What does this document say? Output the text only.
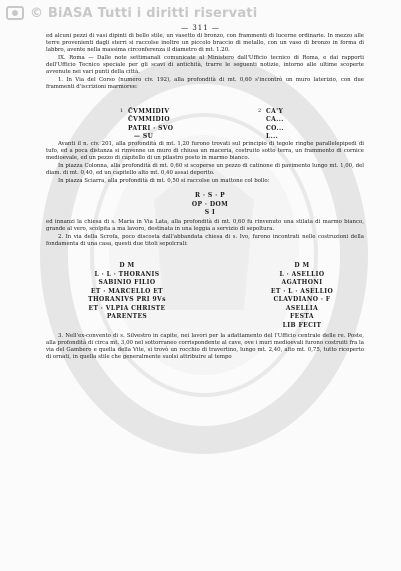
© BiASA Tutti i diritti riservati
— 311 —

ed alcuni pezzi di vasi dipinti di bello stile, un vasetto di bronzo, con frammenti di lucerne ordinarie. In mezzo alle terre provenienti dagli sterri si raccolse inoltre un piccolo braccio di metallo, con un vaso di bronzo in forma di labbro, avente nella massima circonferenza il diametro di mt. 1.20.

IX. Roma — Dalle note settimanali comunicate al Ministero dall'Ufficio tecnico di Roma, e dai rapporti dell'Ufficio Tecnico speciale per gli scavi di antichità, trarre le seguenti notizie, intorno alle ultime scoperte avvenute nei vari punti della città.

1. In Via del Corso (numero civ. 192), alla profondità di mt. 0,60 s'incontrò un muro laterizio, con due frammenti d'iscrizioni marmoree:

1 C̄VMMIDIV
C̄VMMIDIO
PATRI · SVO
— SU
2 CA'Y
CA...
CO...
L...

Avanti il n. civ. 201, alla profondità di mt. 1,20 furono trovati sul principio di tegole ringhe parallelepipedi di tufo, ed a poca distanza si rinvenne un muro di chiusa un maceria, costruito sotto terra, un frammento di cornice medioevale, ed un pezzo di capitello di un pilastro posto in marmo bianco.

In piazza Colonna, alla profondità di mt. 0,60 si scoperse un pezzo di catinone di pavimento lungo mt. 1,00, del diam. di mt. 0,40, ed un capitello alto mt. 0,40 assai deperito.

In piazza Sciarra, alla profondità di mt. 0,50 si raccolse un mattone col bollo:

R · S · P
OP · DOM
S I

ed innanzi la chiesa di s. Maria in Via Lata, alla profondità di mt. 0,60 fu rinvenuto una stilata di marmo bianco, grande al vero, scolpita a ma lavoro, destinata in una leggia a servizio di sepoltura.

2. In via della Scrofa, poco discosta dall'abbandata chiesa di s. Ivo, furono incontrati nelle costruzioni della fondamenta di una casa, questi due titoli sepolcrali:

D M
L · L · THORANIS
SABINIO FILIO
ET · MARCELLO ET
THORANIVS PRI 9Vs
ET · VLPIA CHRISTE
PARENTES
D M
L · ASELLIO
AGATHONI
ET · L · ASELLIO
CLAVDIANO · F
ASELLIA
FESTA
LIB FECIT

3. Nell'ex-convento di s. Silvestro in capite, nei lavori per la adattamento del l'Ufficio centrale delle re. Poste, alla profondità di circa mt. 3,00 nel sottorraneo corrispondente al cave, ove i muri medioevali furono costruiti fra la via del Gambero e quella della Vite, si trovò un rocchio di travertino, lungo mt. 2,40, alto mt. 0,75, tutto ricoperto di ornati, in quella stile che generalmente suolsi attribuire al tempo
